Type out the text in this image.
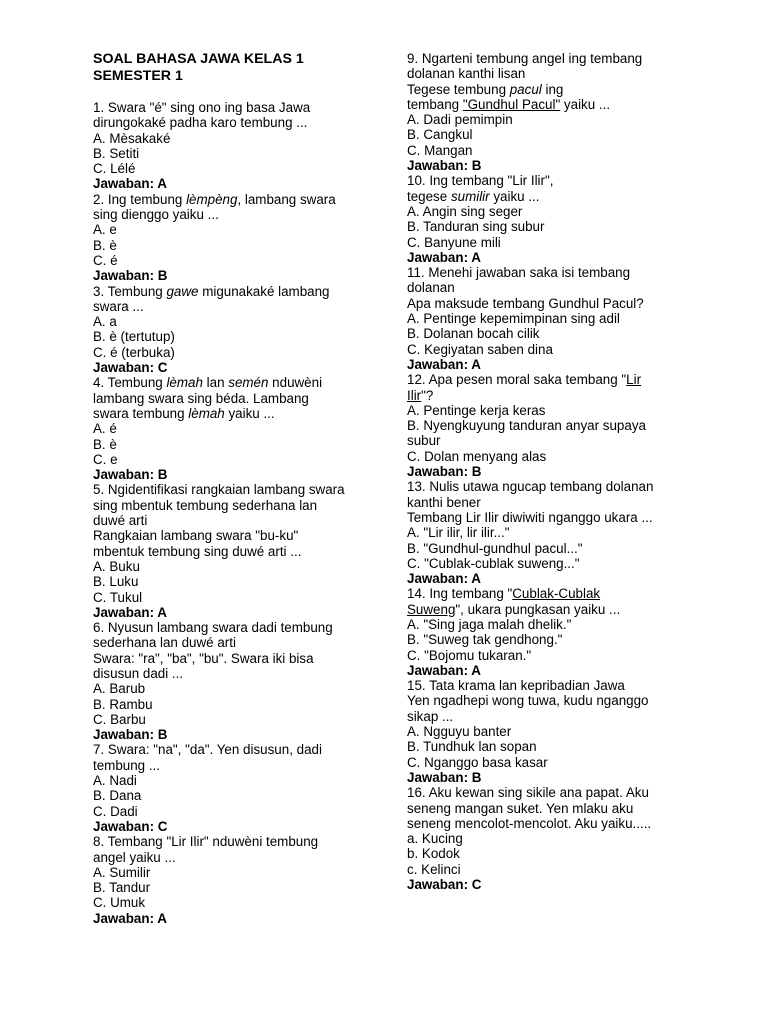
SOAL BAHASA JAWA KELAS 1
SEMESTER 1
1. Swara "é" sing ono ing basa Jawa
dirungokaké padha karo tembung ...
A. Mèsakaké
B. Setiti
C. Lélé
Jawaban: A
2. Ing tembung lèmpèng, lambang swara
sing dienggo yaiku ...
A. e
B. è
C. é
Jawaban: B
3. Tembung gawe migunakaké lambang
swara ...
A. a
B. è (tertutup)
C. é (terbuka)
Jawaban: C
4. Tembung lèmah lan semén nduwèni
lambang swara sing béda. Lambang
swara tembung lèmah yaiku ...
A. é
B. è
C. e
Jawaban: B
5. Ngidentifikasi rangkaian lambang swara
sing mbentuk tembung sederhana lan
duwé arti
Rangkaian lambang swara "bu-ku"
mbentuk tembung sing duwé arti ...
A. Buku
B. Luku
C. Tukul
Jawaban: A
6. Nyusun lambang swara dadi tembung
sederhana lan duwé arti
Swara: "ra", "ba", "bu". Swara iki bisa
disusun dadi ...
A. Barub
B. Rambu
C. Barbu
Jawaban: B
7. Swara: "na", "da". Yen disusun, dadi
tembung ...
A. Nadi
B. Dana
C. Dadi
Jawaban: C
8. Tembang "Lir Ilir" nduwèni tembung
angel yaiku ...
A. Sumilir
B. Tandur
C. Umuk
Jawaban: A
9. Ngarteni tembung angel ing tembang
dolanan kanthi lisan
Tegese tembung pacul ing
tembang "Gundhul Pacul" yaiku ...
A. Dadi pemimpin
B. Cangkul
C. Mangan
Jawaban: B
10. Ing tembang "Lir Ilir",
tegese sumilir yaiku ...
A. Angin sing seger
B. Tanduran sing subur
C. Banyune mili
Jawaban: A
11. Menehi jawaban saka isi tembang
dolanan
Apa maksude tembang Gundhul Pacul?
A. Pentinge kepemimpinan sing adil
B. Dolanan bocah cilik
C. Kegiyatan saben dina
Jawaban: A
12. Apa pesen moral saka tembang "Lir
Ilir"?
A. Pentinge kerja keras
B. Nyengkuyung tanduran anyar supaya
subur
C. Dolan menyang alas
Jawaban: B
13. Nulis utawa ngucap tembang dolanan
kanthi bener
Tembang Lir Ilir diwiwiti nganggo ukara ...
A. "Lir ilir, lir ilir..."
B. "Gundhul-gundhul pacul..."
C. "Cublak-cublak suweng..."
Jawaban: A
14. Ing tembang "Cublak-Cublak
Suweng", ukara pungkasan yaiku ...
A. "Sing jaga malah dhelik."
B. "Suweg tak gendhong."
C. "Bojomu tukaran."
Jawaban: A
15. Tata krama lan kepribadian Jawa
Yen ngadhepi wong tuwa, kudu nganggo
sikap ...
A. Ngguyu banter
B. Tundhuk lan sopan
C. Nganggo basa kasar
Jawaban: B
16. Aku kewan sing sikile ana papat. Aku
seneng mangan suket. Yen mlaku aku
seneng mencolot-mencolot. Aku yaiku.....
a. Kucing
b. Kodok
c. Kelinci
Jawaban: C
